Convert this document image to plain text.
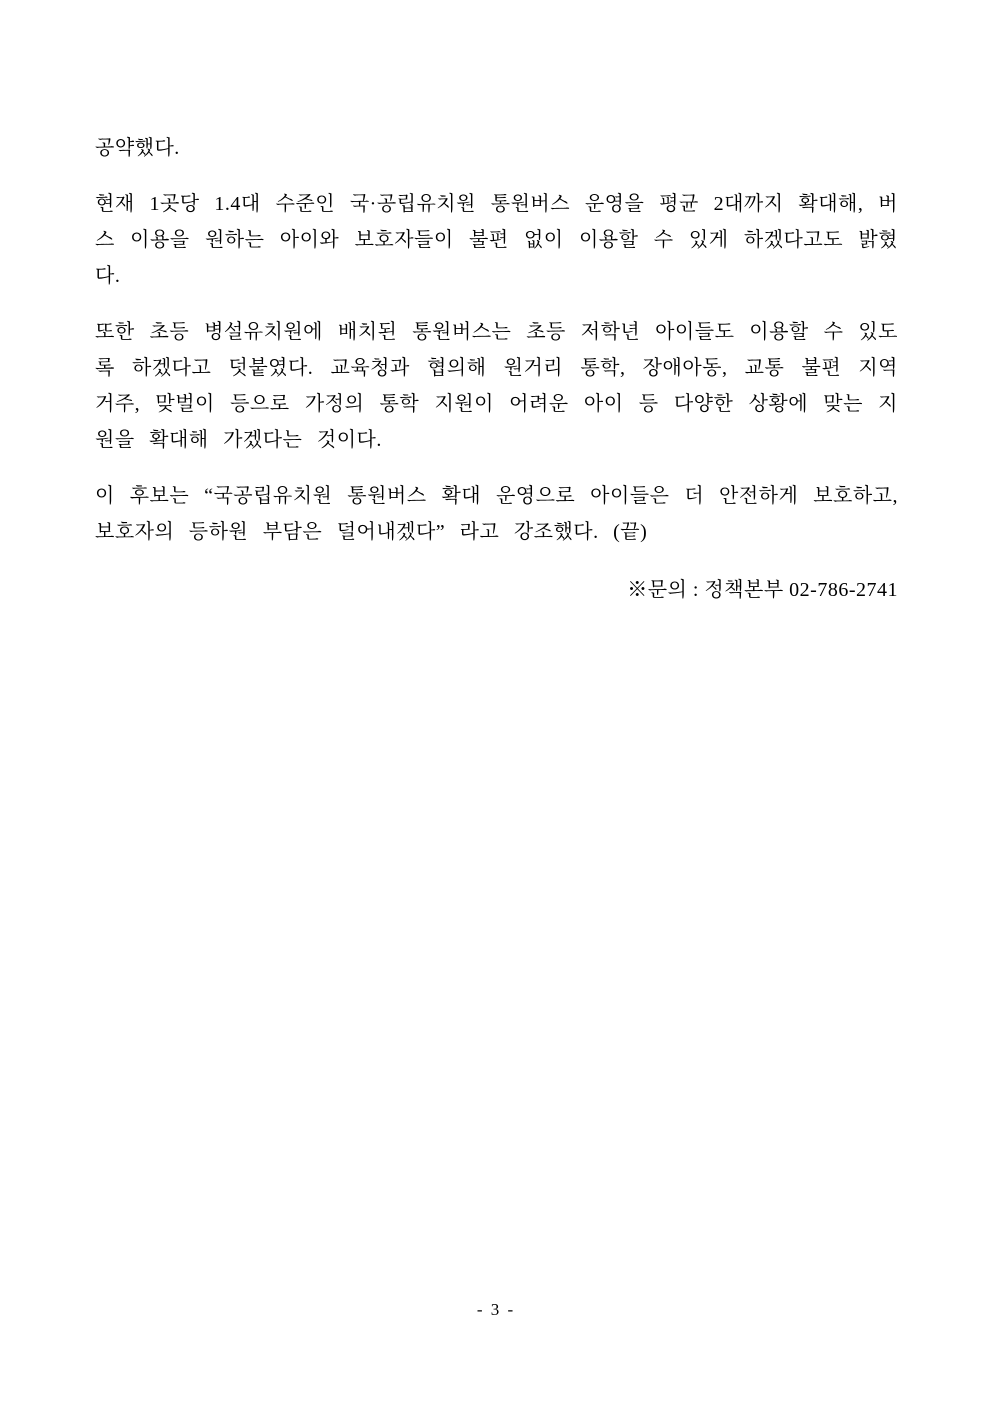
공약했다.

현재 1곳당 1.4대 수준인 국·공립유치원 통원버스 운영을 평균 2대까지 확대해, 버스 이용을 원하는 아이와 보호자들이 불편 없이 이용할 수 있게 하겠다고도 밝혔다.

또한 초등 병설유치원에 배치된 통원버스는 초등 저학년 아이들도 이용할 수 있도록 하겠다고 덧붙였다. 교육청과 협의해 원거리 통학, 장애아동, 교통 불편 지역 거주, 맞벌이 등으로 가정의 통학 지원이 어려운 아이 등 다양한 상황에 맞는 지원을 확대해 가겠다는 것이다.

이 후보는 “국공립유치원 통원버스 확대 운영으로 아이들은 더 안전하게 보호하고, 보호자의 등하원 부담은 덜어내겠다” 라고 강조했다. (끝)

※문의 : 정책본부 02-786-2741
- 3 -
